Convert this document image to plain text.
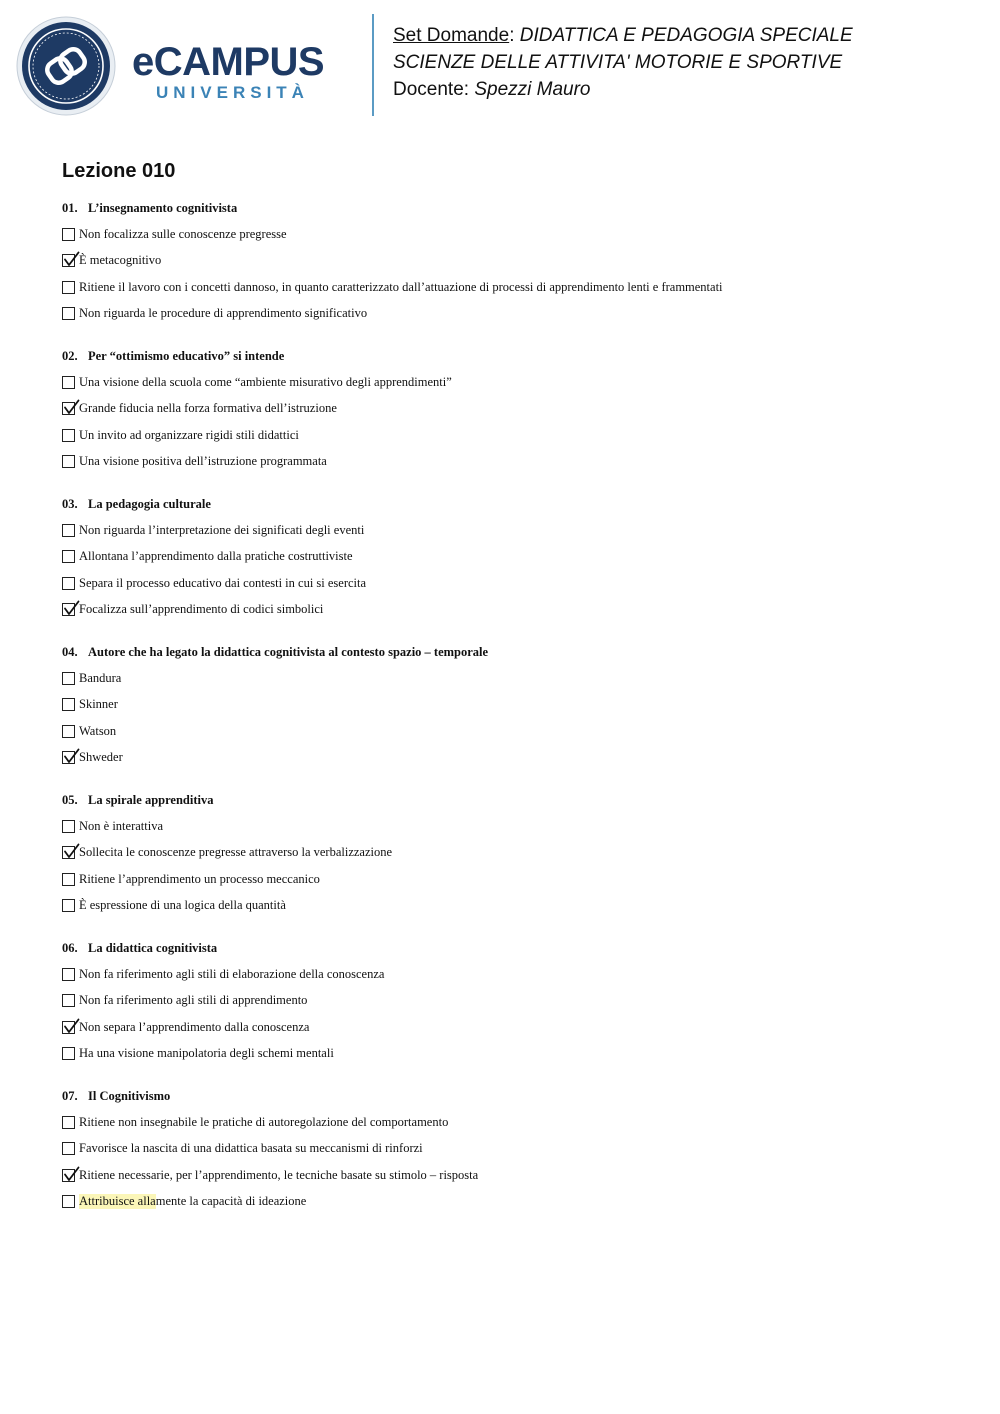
eCAMPUS
UNIVERSITÀ
Set Domande: DIDATTICA E PEDAGOGIA SPECIALE
SCIENZE DELLE ATTIVITA' MOTORIE E SPORTIVE
Docente: Spezzi Mauro
Lezione 010
01. L’insegnamento cognitivista
Non focalizza sulle conoscenze pregresse
È metacognitivo
Ritiene il lavoro con i concetti dannoso, in quanto caratterizzato dall’attuazione di processi di apprendimento lenti e frammentati
Non riguarda le procedure di apprendimento significativo
02. Per “ottimismo educativo” si intende
Una visione della scuola come “ambiente misurativo degli apprendimenti”
Grande fiducia nella forza formativa dell’istruzione
Un invito ad organizzare rigidi stili didattici
Una visione positiva dell’istruzione programmata
03. La pedagogia culturale
Non riguarda l’interpretazione dei significati degli eventi
Allontana l’apprendimento dalla pratiche costruttiviste
Separa il processo educativo dai contesti in cui si esercita
Focalizza sull’apprendimento di codici simbolici
04. Autore che ha legato la didattica cognitivista al contesto spazio – temporale
Bandura
Skinner
Watson
Shweder
05. La spirale apprenditiva
Non è interattiva
Sollecita le conoscenze pregresse attraverso la verbalizzazione
Ritiene l’apprendimento un processo meccanico
È espressione di una logica della quantità
06. La didattica cognitivista
Non fa riferimento agli stili di elaborazione della conoscenza
Non fa riferimento agli stili di apprendimento
Non separa l’apprendimento dalla conoscenza
Ha una visione manipolatoria degli schemi mentali
07. Il Cognitivismo
Ritiene non insegnabile le pratiche di autoregolazione del comportamento
Favorisce la nascita di una didattica basata su meccanismi di rinforzi
Ritiene necessarie, per l’apprendimento, le tecniche basate su stimolo – risposta
Attribuisce alla mente la capacità di ideazione
